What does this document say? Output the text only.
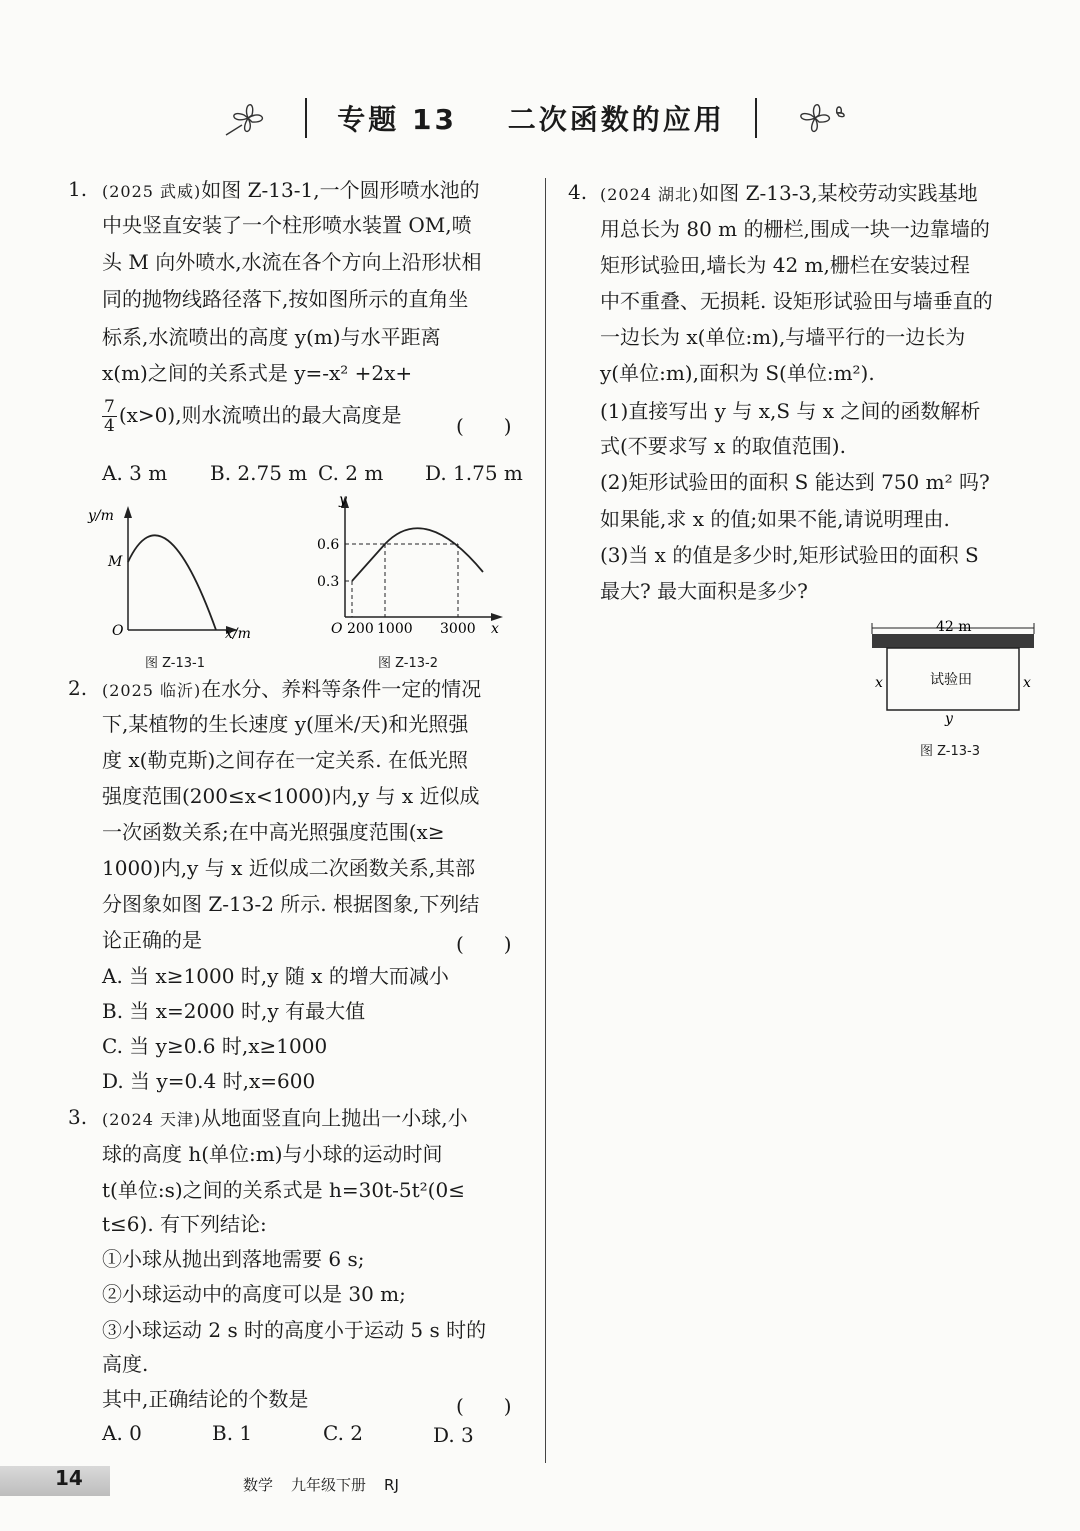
专题 13 二次函数的应用
1. (2025 武威)如图 Z-13-1,一个圆形喷水池的
中央竖直安装了一个柱形喷水装置 OM,喷
头 M 向外喷水,水流在各个方向上沿形状相
同的抛物线路径落下,按如图所示的直角坐
标系,水流喷出的高度 y(m)与水平距离
x(m)之间的关系式是 y=-x² +2x+
$\frac{7}{4} (x>0)$,则水流喷出的最大高度是	(　　)
A. 3 m B. 2.75 m C. 2 m D. 1.75 m
y/m
x/m
O
M
图 Z-13-1
y
x
O
0.6
0.3
200 1000 3000
图 Z-13-2
2. (2025 临沂)在水分、养料等条件一定的情况
下,某植物的生长速度 y(厘米/天)和光照强
度 x(勒克斯)之间存在一定关系. 在低光照
强度范围(200≤x<1000)内,y 与 x 近似成
一次函数关系;在中高光照强度范围(x≥
1000)内,y 与 x 近似成二次函数关系,其部
分图象如图 Z-13-2 所示. 根据图象,下列结
论正确的是	(　　)
A. 当 x≥1000 时,y 随 x 的增大而减小
B. 当 x=2000 时,y 有最大值
C. 当 y≥0.6 时,x≥1000
D. 当 y=0.4 时,x=600
3. (2024 天津)从地面竖直向上抛出一小球,小
球的高度 h(单位:m)与小球的运动时间
t(单位:s)之间的关系式是 h=30t-5t²(0≤
t≤6). 有下列结论:
①小球从抛出到落地需要 6 s;
②小球运动中的高度可以是 30 m;
③小球运动 2 s 时的高度小于运动 5 s 时的
高度.
其中,正确结论的个数是	(　　)
A. 0	B. 1	C. 2	D. 3
4. (2024 湖北)如图 Z-13-3,某校劳动实践基地
用总长为 80 m 的栅栏,围成一块一边靠墙的
矩形试验田,墙长为 42 m,栅栏在安装过程
中不重叠、无损耗. 设矩形试验田与墙垂直的
一边长为 x(单位:m),与墙平行的一边长为
y(单位:m),面积为 S(单位:m²).
(1)直接写出 y 与 x,S 与 x 之间的函数解析
式(不要求写 x 的取值范围).
(2)矩形试验田的面积 S 能达到 750 m² 吗?
如果能,求 x 的值;如果不能,请说明理由.
(3)当 x 的值是多少时,矩形试验田的面积 S
最大? 最大面积是多少?
42 m
试验田
x	x
y
图 Z-13-3
14	数学 九年级下册 RJ
